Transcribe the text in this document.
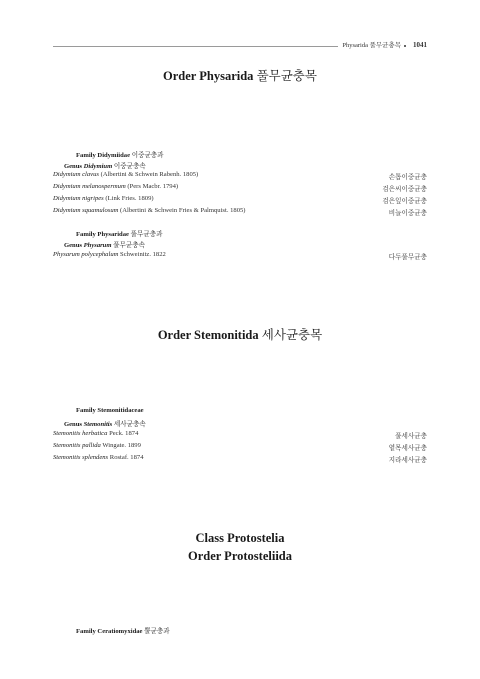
Physarida 풀무균충목 1041
Order Physarida 풀무균충목
Family Didymiidae 이중균충과
Genus Didymium 이중균충속
Didymium clavus (Albertini & Schwein Rabenh. 1805)	손톱이중균충
Didymium melanospermum (Pers Macbr. 1794)	검은씨이중균충
Didymium nigripes (Link Fries. 1809)	검은잎이중균충
Didymium squamulosum (Albertini & Schwein Fries & Palmquist. 1805)	비늘이중균충
Family Physaridae 풀무균충과
Genus Physarum 풀무균충속
Physarum polycephalum Schweinitz. 1822	다두풀무균충
Order Stemonitida 세사균충목
Family Stemonitidaceae
Genus Stemonitis 세사균충속
Stemonitis herbatica Peck. 1874	풀세사균충
Stemonitis pallida Wingate. 1899	옅목세사균충
Stemonitis splendens Rostaf. 1874	지라세사균충
Class Protostelia
Order Protosteliida
Family Ceratiomyxidae 뿔균충과
